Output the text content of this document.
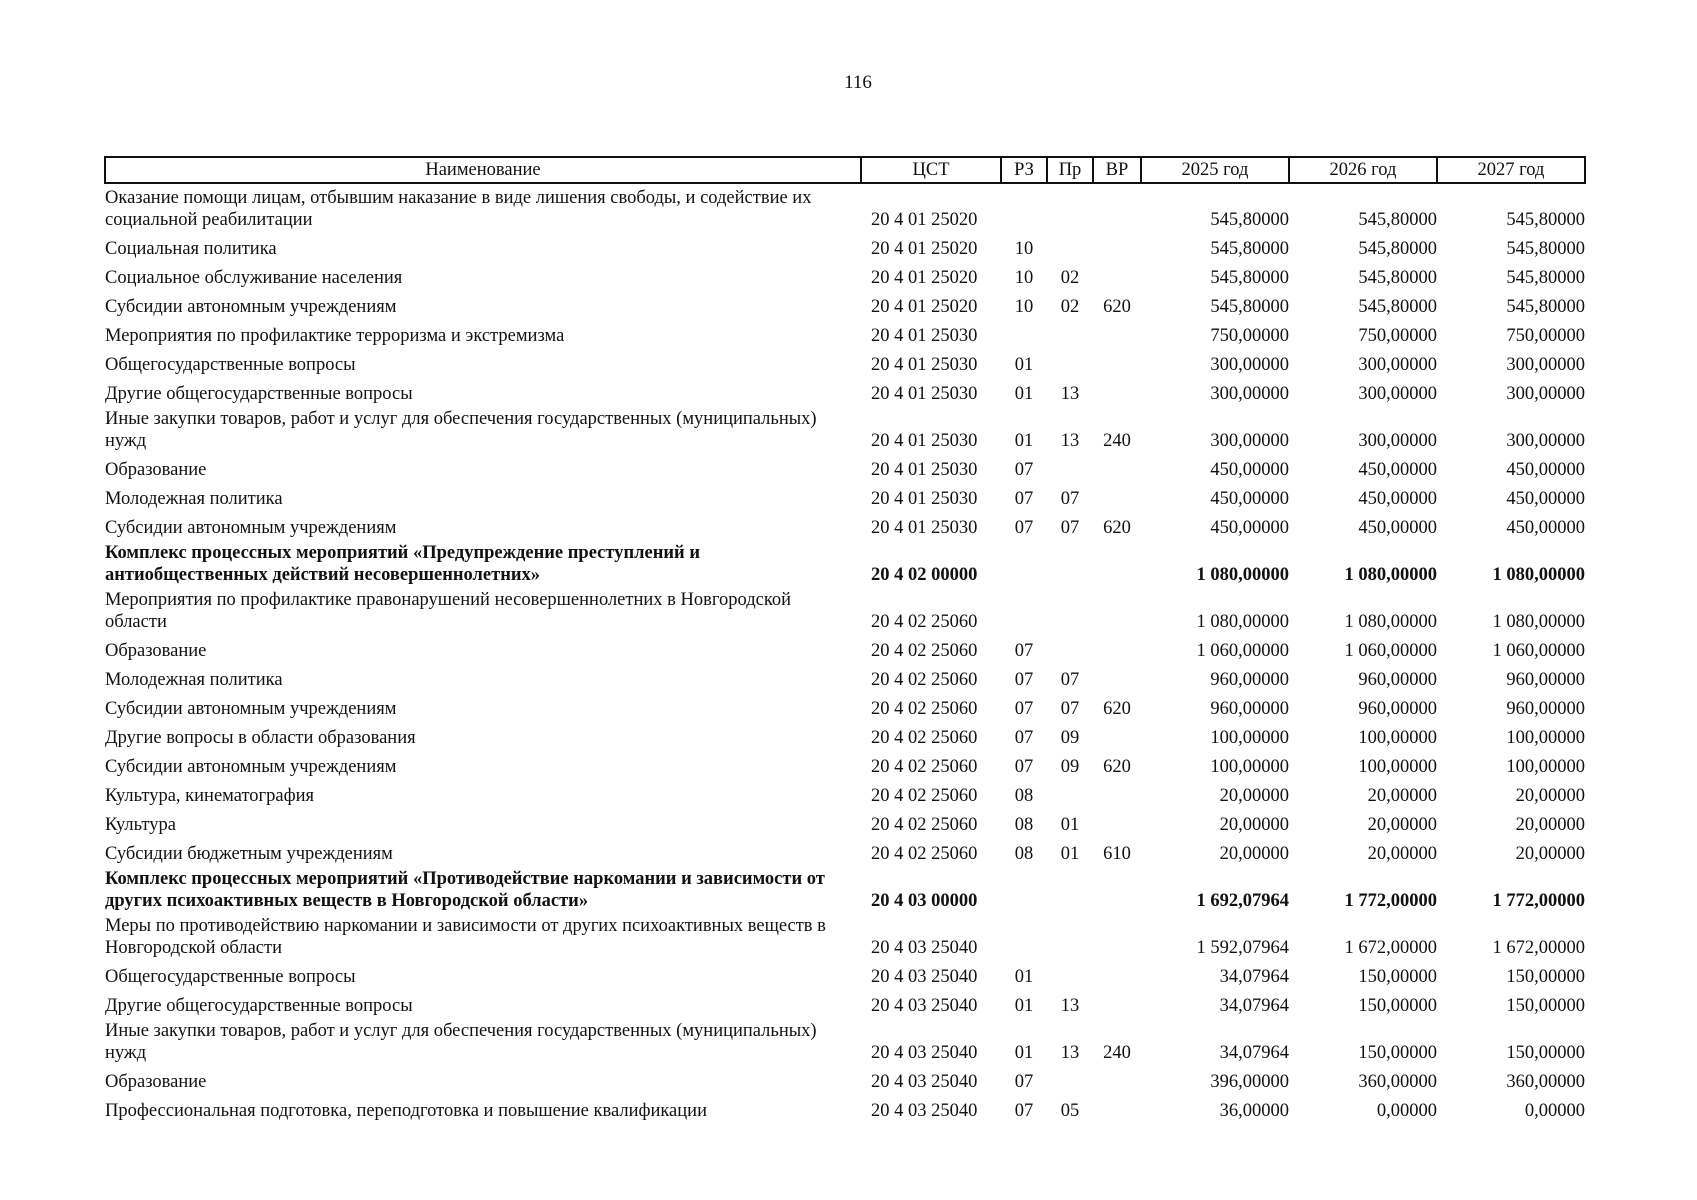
116
Наименование	ЦСТ	РЗ	Пр	ВР	2025 год	2026 год	2027 год
Оказание помощи лицам, отбывшим наказание в виде лишения свободы, и содействие их социальной реабилитации	20 4 01 25020				545,80000	545,80000	545,80000
Социальная политика	20 4 01 25020	10			545,80000	545,80000	545,80000
Социальное обслуживание населения	20 4 01 25020	10	02		545,80000	545,80000	545,80000
Субсидии автономным учреждениям	20 4 01 25020	10	02	620	545,80000	545,80000	545,80000
Мероприятия по профилактике терроризма и экстремизма	20 4 01 25030				750,00000	750,00000	750,00000
Общегосударственные вопросы	20 4 01 25030	01			300,00000	300,00000	300,00000
Другие общегосударственные вопросы	20 4 01 25030	01	13		300,00000	300,00000	300,00000
Иные закупки товаров, работ и услуг для обеспечения государственных (муниципальных) нужд	20 4 01 25030	01	13	240	300,00000	300,00000	300,00000
Образование	20 4 01 25030	07			450,00000	450,00000	450,00000
Молодежная политика	20 4 01 25030	07	07		450,00000	450,00000	450,00000
Субсидии автономным учреждениям	20 4 01 25030	07	07	620	450,00000	450,00000	450,00000
Комплекс процессных мероприятий «Предупреждение преступлений и антиобщественных действий несовершеннолетних»	20 4 02 00000				1 080,00000	1 080,00000	1 080,00000
Мероприятия по профилактике правонарушений несовершеннолетних в Новгородской области	20 4 02 25060				1 080,00000	1 080,00000	1 080,00000
Образование	20 4 02 25060	07			1 060,00000	1 060,00000	1 060,00000
Молодежная политика	20 4 02 25060	07	07		960,00000	960,00000	960,00000
Субсидии автономным учреждениям	20 4 02 25060	07	07	620	960,00000	960,00000	960,00000
Другие вопросы в области образования	20 4 02 25060	07	09		100,00000	100,00000	100,00000
Субсидии автономным учреждениям	20 4 02 25060	07	09	620	100,00000	100,00000	100,00000
Культура, кинематография	20 4 02 25060	08			20,00000	20,00000	20,00000
Культура	20 4 02 25060	08	01		20,00000	20,00000	20,00000
Субсидии бюджетным учреждениям	20 4 02 25060	08	01	610	20,00000	20,00000	20,00000
Комплекс процессных мероприятий «Противодействие наркомании и зависимости от других психоактивных веществ в Новгородской области»	20 4 03 00000				1 692,07964	1 772,00000	1 772,00000
Меры по противодействию наркомании и зависимости от других психоактивных веществ в Новгородской области	20 4 03 25040				1 592,07964	1 672,00000	1 672,00000
Общегосударственные вопросы	20 4 03 25040	01			34,07964	150,00000	150,00000
Другие общегосударственные вопросы	20 4 03 25040	01	13		34,07964	150,00000	150,00000
Иные закупки товаров, работ и услуг для обеспечения государственных (муниципальных) нужд	20 4 03 25040	01	13	240	34,07964	150,00000	150,00000
Образование	20 4 03 25040	07			396,00000	360,00000	360,00000
Профессиональная подготовка, переподготовка и повышение квалификации	20 4 03 25040	07	05		36,00000	0,00000	0,00000
